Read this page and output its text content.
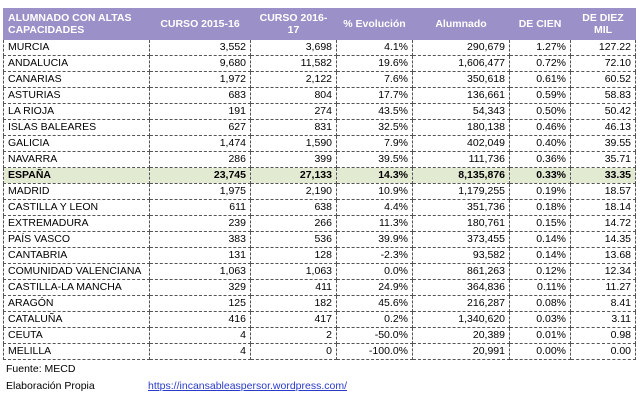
ALUMNADO CON ALTAS CAPACIDADES	CURSO 2015-16	CURSO 2016-17	% Evolución	Alumnado	DE CIEN	DE DIEZ MIL
MURCIA	3,552	3,698	4.1%	290,679	1.27%	127.22
ANDALUCIA	9,680	11,582	19.6%	1,606,477	0.72%	72.10
CANARIAS	1,972	2,122	7.6%	350,618	0.61%	60.52
ASTURIAS	683	804	17.7%	136,661	0.59%	58.83
LA RIOJA	191	274	43.5%	54,343	0.50%	50.42
ISLAS BALEARES	627	831	32.5%	180,138	0.46%	46.13
GALICIA	1,474	1,590	7.9%	402,049	0.40%	39.55
NAVARRA	286	399	39.5%	111,736	0.36%	35.71
ESPAÑA	23,745	27,133	14.3%	8,135,876	0.33%	33.35
MADRID	1,975	2,190	10.9%	1,179,255	0.19%	18.57
CASTILLA Y LEON	611	638	4.4%	351,736	0.18%	18.14
EXTREMADURA	239	266	11.3%	180,761	0.15%	14.72
PAÍS VASCO	383	536	39.9%	373,455	0.14%	14.35
CANTABRIA	131	128	-2.3%	93,582	0.14%	13.68
COMUNIDAD VALENCIANA	1,063	1,063	0.0%	861,263	0.12%	12.34
CASTILLA-LA MANCHA	329	411	24.9%	364,836	0.11%	11.27
ARAGÓN	125	182	45.6%	216,287	0.08%	8.41
CATALUÑA	416	417	0.2%	1,340,620	0.03%	3.11
CEUTA	4	2	-50.0%	20,389	0.01%	0.98
MELILLA	4	0	-100.0%	20,991	0.00%	0.00
Fuente: MECD
Elaboración Propia	https://incansableaspersor.wordpress.com/
